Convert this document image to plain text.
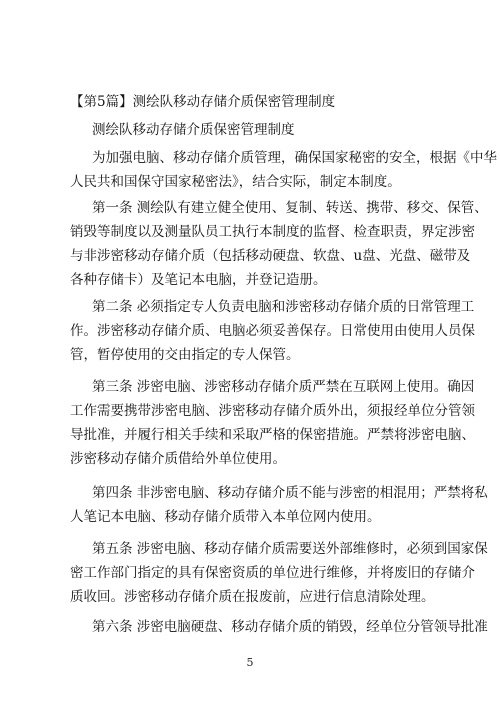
【第5篇】测绘队移动存储介质保密管理制度
测绘队移动存储介质保密管理制度
为加强电脑、移动存储介质管理，确保国家秘密的安全，根据《中华
人民共和国保守国家秘密法》，结合实际，制定本制度。
第一条 测绘队有建立健全使用、复制、转送、携带、移交、保管、
销毁等制度以及测量队员工执行本制度的监督、检查职责，界定涉密
与非涉密移动存储介质（包括移动硬盘、软盘、u盘、光盘、磁带及
各种存储卡）及笔记本电脑，并登记造册。
第二条 必须指定专人负责电脑和涉密移动存储介质的日常管理工
作。涉密移动存储介质、电脑必须妥善保存。日常使用由使用人员保
管，暂停使用的交由指定的专人保管。
第三条 涉密电脑、涉密移动存储介质严禁在互联网上使用。确因
工作需要携带涉密电脑、涉密移动存储介质外出，须报经单位分管领
导批准，并履行相关手续和采取严格的保密措施。严禁将涉密电脑、
涉密移动存储介质借给外单位使用。
第四条 非涉密电脑、移动存储介质不能与涉密的相混用；严禁将私
人笔记本电脑、移动存储介质带入本单位网内使用。
第五条 涉密电脑、移动存储介质需要送外部维修时，必须到国家保
密工作部门指定的具有保密资质的单位进行维修，并将废旧的存储介
质收回。涉密移动存储介质在报废前，应进行信息清除处理。
第六条 涉密电脑硬盘、移动存储介质的销毁，经单位分管领导批准
5
